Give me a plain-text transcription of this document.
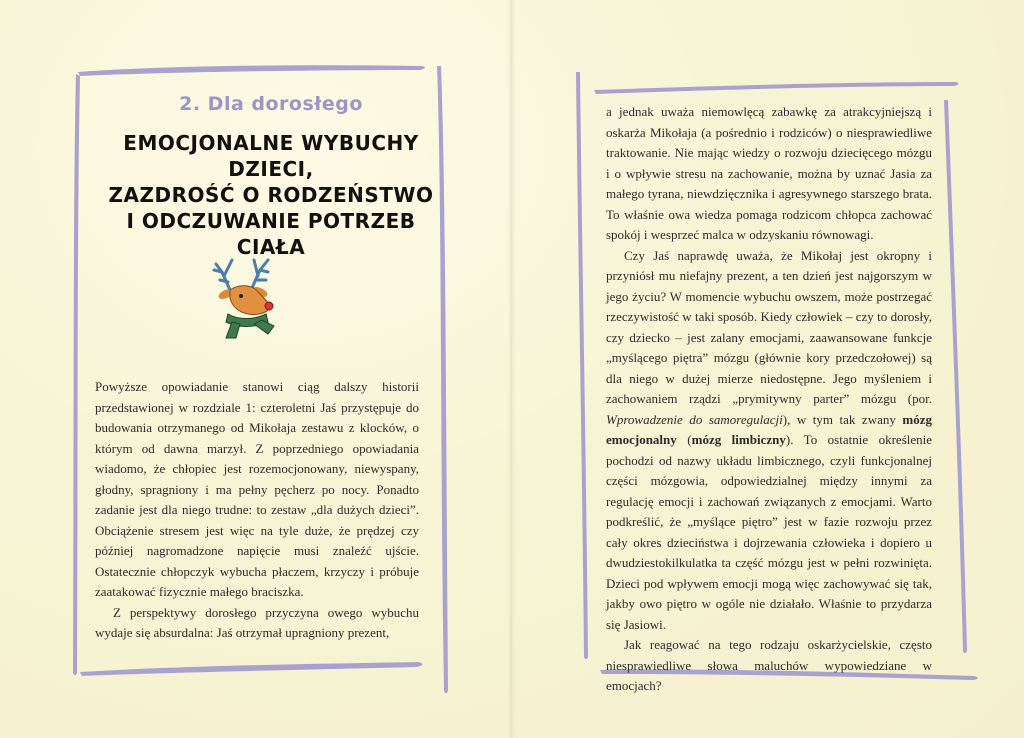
2. Dla dorosłego
EMOCJONALNE WYBUCHY DZIECI,
ZAZDROŚĆ O RODZEŃSTWO
I ODCZUWANIE POTRZEB CIAŁA

Powyższe opowiadanie stanowi ciąg dalszy historii przedstawionej w rozdziale 1: czteroletni Jaś przystępuje do budowania otrzymanego od Mikołaja zestawu z klocków, o którym od dawna marzył. Z poprzedniego opowiadania wiadomo, że chłopiec jest rozemocjonowany, niewyspany, głodny, spragniony i ma pełny pęcherz po nocy. Ponadto zadanie jest dla niego trudne: to zestaw „dla dużych dzieci”. Obciążenie stresem jest więc na tyle duże, że prędzej czy później nagromadzone napięcie musi znaleźć ujście. Ostatecznie chłopczyk wybucha płaczem, krzyczy i próbuje zaatakować fizycznie małego braciszka.

Z perspektywy dorosłego przyczyna owego wybuchu wydaje się absurdalna: Jaś otrzymał upragniony prezent,

a jednak uważa niemowlęcą zabawkę za atrakcyjniejszą i oskarża Mikołaja (a pośrednio i rodziców) o niesprawiedliwe traktowanie. Nie mając wiedzy o rozwoju dziecięcego mózgu i o wpływie stresu na zachowanie, można by uznać Jasia za małego tyrana, niewdzięcznika i agresywnego starszego brata. To właśnie owa wiedza pomaga rodzicom chłopca zachować spokój i wesprzeć malca w odzyskaniu równowagi.

Czy Jaś naprawdę uważa, że Mikołaj jest okropny i przyniósł mu niefajny prezent, a ten dzień jest najgorszym w jego życiu? W momencie wybuchu owszem, może postrzegać rzeczywistość w taki sposób. Kiedy człowiek – czy to dorosły, czy dziecko – jest zalany emocjami, zaawansowane funkcje „myślącego piętra” mózgu (głównie kory przedczołowej) są dla niego w dużej mierze niedostępne. Jego myśleniem i zachowaniem rządzi „prymitywny parter” mózgu (por. Wprowadzenie do samoregulacji), w tym tak zwany mózg emocjonalny (mózg limbiczny). To ostatnie określenie pochodzi od nazwy układu limbicznego, czyli funkcjonalnej części mózgowia, odpowiedzialnej między innymi za regulację emocji i zachowań związanych z emocjami. Warto podkreślić, że „myślące piętro” jest w fazie rozwoju przez cały okres dzieciństwa i dojrzewania człowieka i dopiero u dwudziestokilkulatka ta część mózgu jest w pełni rozwinięta. Dzieci pod wpływem emocji mogą więc zachowywać się tak, jakby owo piętro w ogóle nie działało. Właśnie to przydarza się Jasiowi.

Jak reagować na tego rodzaju oskarżycielskie, często niesprawiedliwe słowa maluchów wypowiedziane w emocjach?
